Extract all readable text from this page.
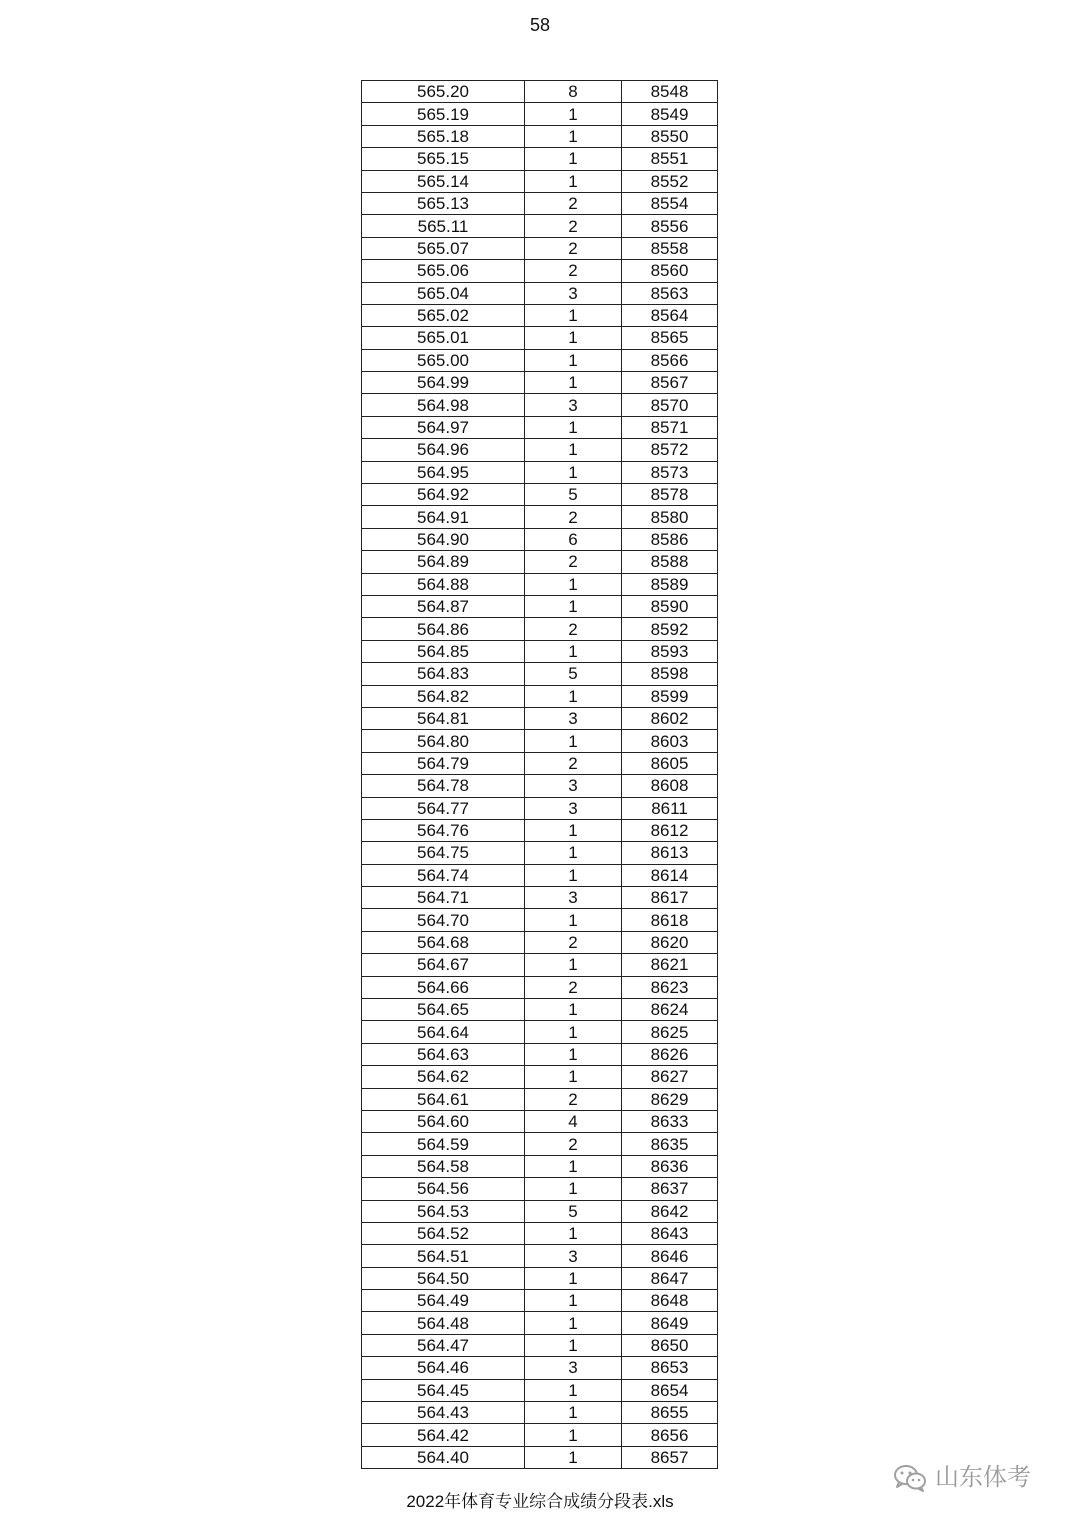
58
565.20	8	8548
565.19	1	8549
565.18	1	8550
565.15	1	8551
565.14	1	8552
565.13	2	8554
565.11	2	8556
565.07	2	8558
565.06	2	8560
565.04	3	8563
565.02	1	8564
565.01	1	8565
565.00	1	8566
564.99	1	8567
564.98	3	8570
564.97	1	8571
564.96	1	8572
564.95	1	8573
564.92	5	8578
564.91	2	8580
564.90	6	8586
564.89	2	8588
564.88	1	8589
564.87	1	8590
564.86	2	8592
564.85	1	8593
564.83	5	8598
564.82	1	8599
564.81	3	8602
564.80	1	8603
564.79	2	8605
564.78	3	8608
564.77	3	8611
564.76	1	8612
564.75	1	8613
564.74	1	8614
564.71	3	8617
564.70	1	8618
564.68	2	8620
564.67	1	8621
564.66	2	8623
564.65	1	8624
564.64	1	8625
564.63	1	8626
564.62	1	8627
564.61	2	8629
564.60	4	8633
564.59	2	8635
564.58	1	8636
564.56	1	8637
564.53	5	8642
564.52	1	8643
564.51	3	8646
564.50	1	8647
564.49	1	8648
564.48	1	8649
564.47	1	8650
564.46	3	8653
564.45	1	8654
564.43	1	8655
564.42	1	8656
564.40	1	8657
山东体考
2022年体育专业综合成绩分段表.xls
